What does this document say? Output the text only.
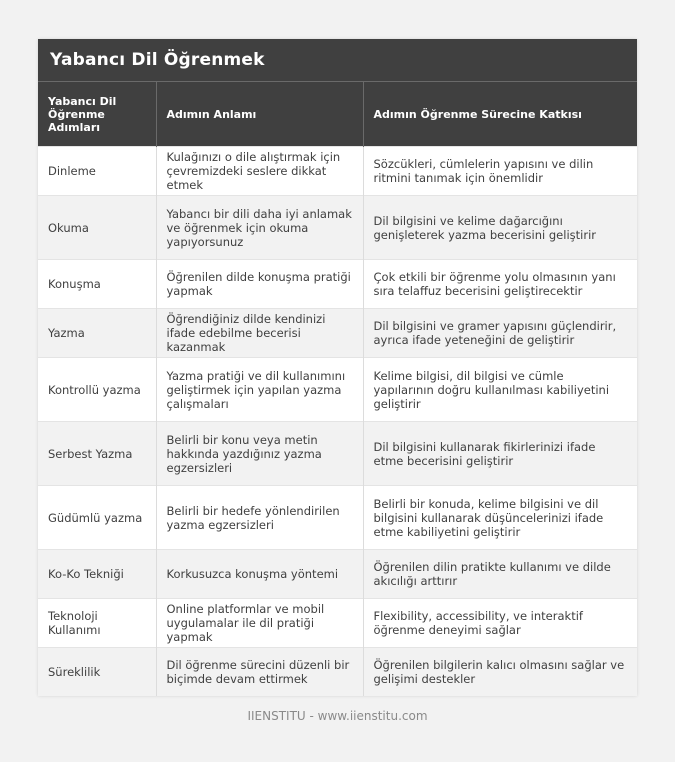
Yabancı Dil Öğrenmek
Yabancı Dil Öğrenme Adımları	Adımın Anlamı	Adımın Öğrenme Sürecine Katkısı
Dinleme	Kulağınızı o dile alıştırmak için çevremizdeki seslere dikkat etmek	Sözcükleri, cümlelerin yapısını ve dilin ritmini tanımak için önemlidir
Okuma	Yabancı bir dili daha iyi anlamak ve öğrenmek için okuma yapıyorsunuz	Dil bilgisini ve kelime dağarcığını genişleterek yazma becerisini geliştirir
Konuşma	Öğrenilen dilde konuşma pratiği yapmak	Çok etkili bir öğrenme yolu olmasının yanı sıra telaffuz becerisini geliştirecektir
Yazma	Öğrendiğiniz dilde kendinizi ifade edebilme becerisi kazanmak	Dil bilgisini ve gramer yapısını güçlendirir, ayrıca ifade yeteneğini de geliştirir
Kontrollü yazma	Yazma pratiği ve dil kullanımını geliştirmek için yapılan yazma çalışmaları	Kelime bilgisi, dil bilgisi ve cümle yapılarının doğru kullanılması kabiliyetini geliştirir
Serbest Yazma	Belirli bir konu veya metin hakkında yazdığınız yazma egzersizleri	Dil bilgisini kullanarak fikirlerinizi ifade etme becerisini geliştirir
Güdümlü yazma	Belirli bir hedefe yönlendirilen yazma egzersizleri	Belirli bir konuda, kelime bilgisini ve dil bilgisini kullanarak düşüncelerinizi ifade etme kabiliyetini geliştirir
Ko-Ko Tekniği	Korkusuzca konuşma yöntemi	Öğrenilen dilin pratikte kullanımı ve dilde akıcılığı arttırır
Teknoloji Kullanımı	Online platformlar ve mobil uygulamalar ile dil pratiği yapmak	Flexibility, accessibility, ve interaktif öğrenme deneyimi sağlar
Süreklilik	Dil öğrenme sürecini düzenli bir biçimde devam ettirmek	Öğrenilen bilgilerin kalıcı olmasını sağlar ve gelişimi destekler
IIENSTITU - www.iienstitu.com
